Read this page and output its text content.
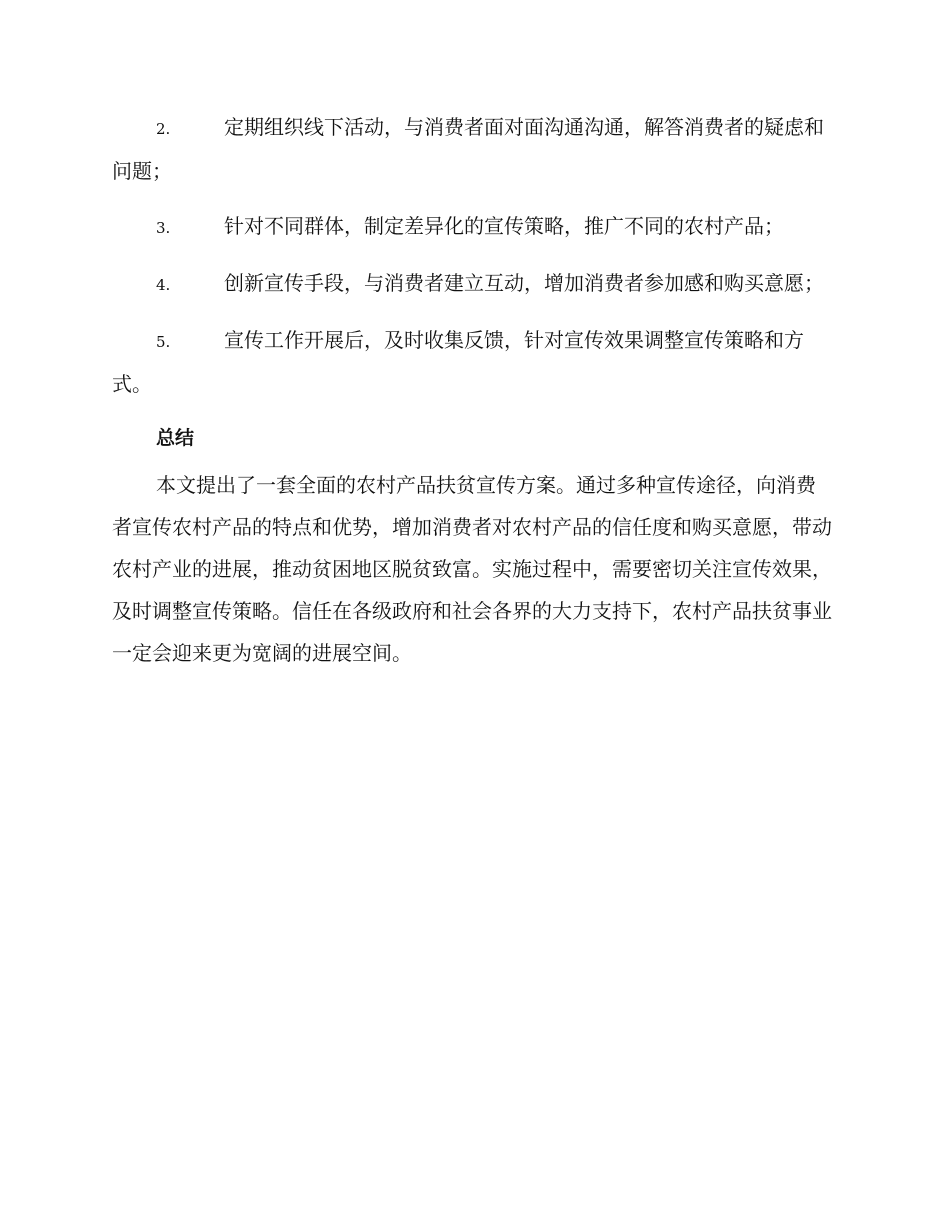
2.	定期组织线下活动，与消费者面对面沟通沟通，解答消费者的疑虑和问题；

3.	针对不同群体，制定差异化的宣传策略，推广不同的农村产品；

4.	创新宣传手段，与消费者建立互动，增加消费者参加感和购买意愿；

5.	宣传工作开展后，及时收集反馈，针对宣传效果调整宣传策略和方式。

总结

本文提出了一套全面的农村产品扶贫宣传方案。通过多种宣传途径，向消费者宣传农村产品的特点和优势，增加消费者对农村产品的信任度和购买意愿，带动农村产业的进展，推动贫困地区脱贫致富。实施过程中，需要密切关注宣传效果，及时调整宣传策略。信任在各级政府和社会各界的大力支持下，农村产品扶贫事业一定会迎来更为宽阔的进展空间。
